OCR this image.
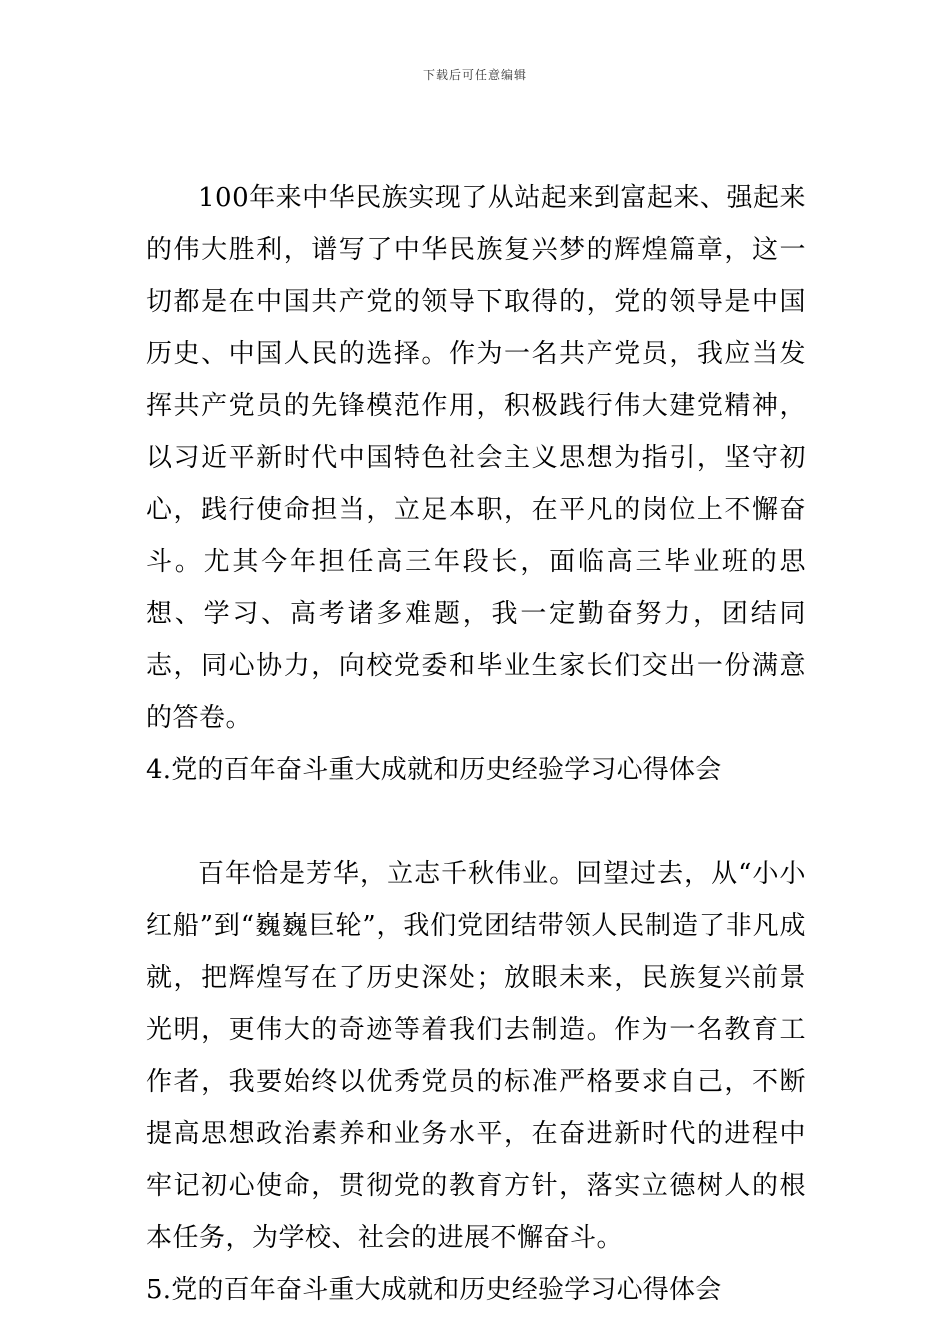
下载后可任意编辑

100年来中华民族实现了从站起来到富起来、强起来的伟大胜利，谱写了中华民族复兴梦的辉煌篇章，这一切都是在中国共产党的领导下取得的，党的领导是中国历史、中国人民的选择。作为一名共产党员，我应当发挥共产党员的先锋模范作用，积极践行伟大建党精神，以习近平新时代中国特色社会主义思想为指引，坚守初心，践行使命担当，立足本职，在平凡的岗位上不懈奋斗。尤其今年担任高三年段长，面临高三毕业班的思想、学习、高考诸多难题，我一定勤奋努力，团结同志，同心协力，向校党委和毕业生家长们交出一份满意的答卷。

4.党的百年奋斗重大成就和历史经验学习心得体会

百年恰是芳华，立志千秋伟业。回望过去，从“小小红船”到“巍巍巨轮”，我们党团结带领人民制造了非凡成就，把辉煌写在了历史深处；放眼未来，民族复兴前景光明，更伟大的奇迹等着我们去制造。作为一名教育工作者，我要始终以优秀党员的标准严格要求自己，不断提高思想政治素养和业务水平，在奋进新时代的进程中牢记初心使命，贯彻党的教育方针，落实立德树人的根本任务，为学校、社会的进展不懈奋斗。

5.党的百年奋斗重大成就和历史经验学习心得体会
